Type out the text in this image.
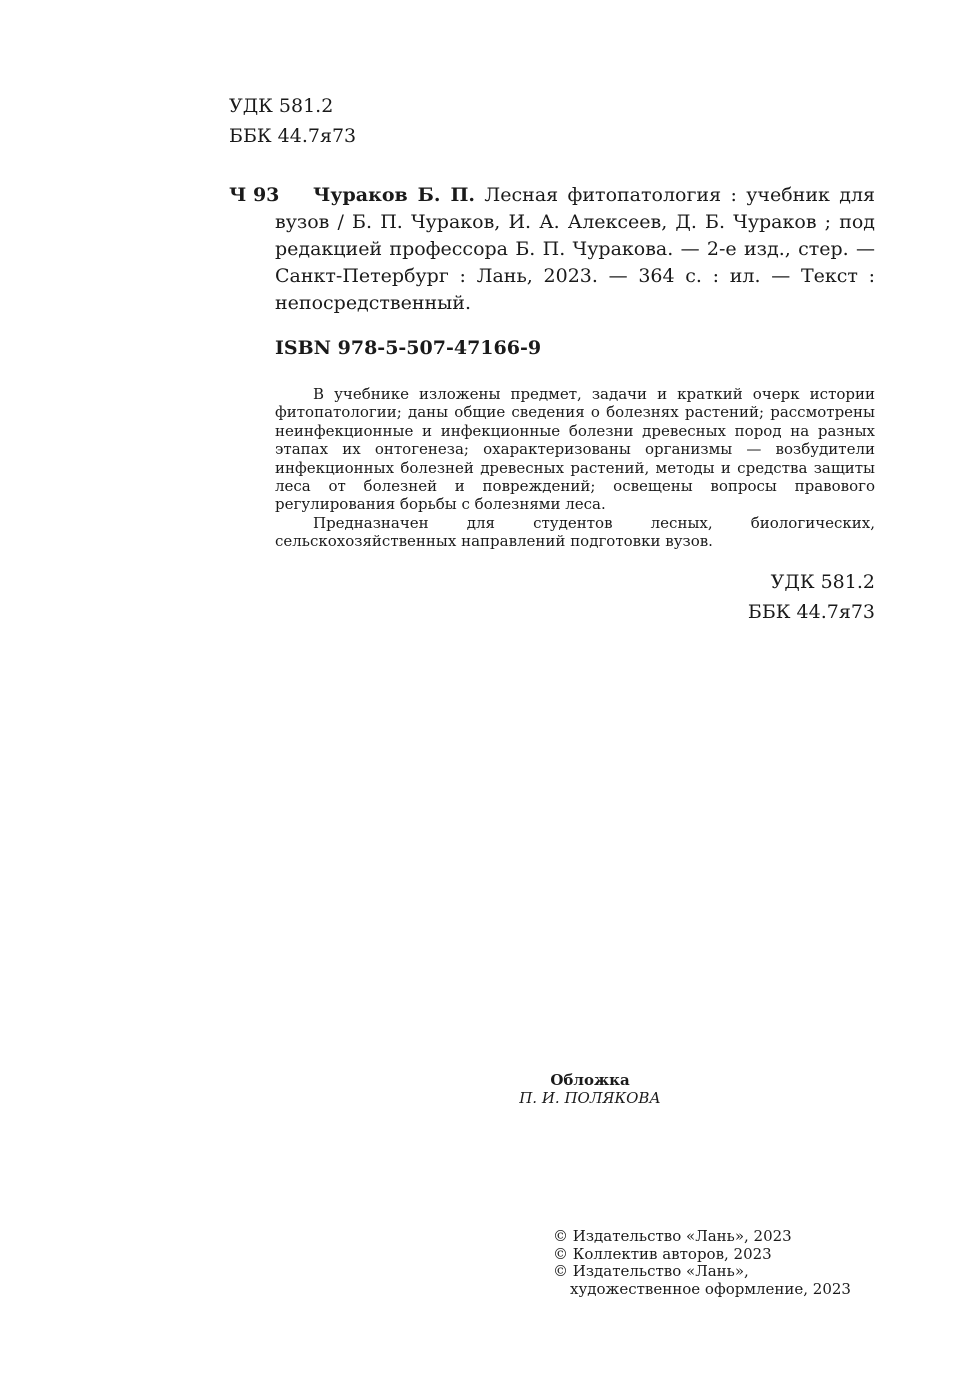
УДК 581.2
ББК 44.7я73
Ч 93	Чураков Б. П. Лесная фитопатология : учебник для вузов / Б. П. Чураков, И. А. Алексеев, Д. Б. Чураков ; под редакцией профессора Б. П. Чуракова. — 2-е изд., стер. — Санкт-Петербург : Лань, 2023. — 364 с. : ил. — Текст : непосредственный.
ISBN 978-5-507-47166-9

В учебнике изложены предмет, задачи и краткий очерк истории фитопатологии; даны общие сведения о болезнях растений; рассмотрены неинфекционные и инфекционные болезни древесных пород на разных этапах их онтогенеза; охарактеризованы организмы — возбудители инфекционных болезней древесных растений, методы и средства защиты леса от болезней и повреждений; освещены вопросы правового регулирования борьбы с болезнями леса.

Предназначен для студентов лесных, биологических, сельскохозяйственных направлений подготовки вузов.

УДК 581.2
ББК 44.7я73
Обложка
П. И. ПОЛЯКОВА
© Издательство «Лань», 2023
© Коллектив авторов, 2023
© Издательство «Лань»,
художественное оформление, 2023
